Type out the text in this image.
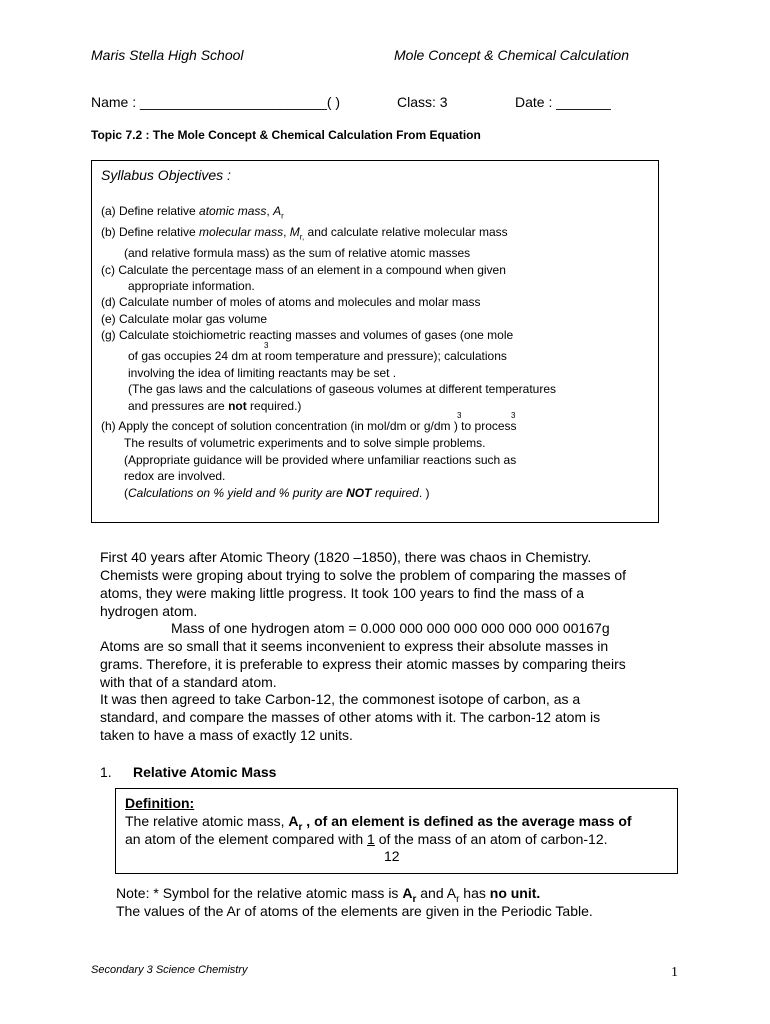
Maris Stella High School	Mole Concept & Chemical Calculation
Name : ________________________( )	Class: 3	Date : _______
Topic 7.2 : The Mole Concept & Chemical Calculation From Equation
Syllabus Objectives :
(a) Define relative atomic mass, $A_r$
(b) Define relative molecular mass, $M_{r,}$ and calculate relative molecular mass
(and relative formula mass) as the sum of relative atomic masses
(c) Calculate the percentage mass of an element in a compound when given
appropriate information.
(d) Calculate number of moles of atoms and molecules and molar mass
(e) Calculate molar gas volume
(g) Calculate stoichiometric reacting masses and volumes of gases (one mole
3
of gas occupies 24 dm at room temperature and pressure); calculations
involving the idea of limiting reactants may be set .
(The gas laws and the calculations of gaseous volumes at different temperatures
and pressures are not required.)
3	3
(h) Apply the concept of solution concentration (in mol/dm or g/dm ) to process
The results of volumetric experiments and to solve simple problems.
(Appropriate guidance will be provided where unfamiliar reactions such as
redox are involved.
(Calculations on % yield and % purity are NOT required. )
First 40 years after Atomic Theory (1820 –1850), there was chaos in Chemistry.
Chemists were groping about trying to solve the problem of comparing the masses of
atoms, they were making little progress. It took 100 years to find the mass of a
hydrogen atom.
Mass of one hydrogen atom = 0.000 000 000 000 000 000 000 00167g
Atoms are so small that it seems inconvenient to express their absolute masses in
grams. Therefore, it is preferable to express their atomic masses by comparing theirs
with that of a standard atom.
It was then agreed to take Carbon-12, the commonest isotope of carbon, as a
standard, and compare the masses of other atoms with it. The carbon-12 atom is
taken to have a mass of exactly 12 units.
1. Relative Atomic Mass
Definition:
The relative atomic mass, $A_r$ , of an element is defined as the average mass of
an atom of the element compared with 1 of the mass of an atom of carbon-12.
12
Note: * Symbol for the relative atomic mass is $A_r$ and $A_r$ has no unit.
The values of the Ar of atoms of the elements are given in the Periodic Table.
Secondary 3 Science Chemistry	1
